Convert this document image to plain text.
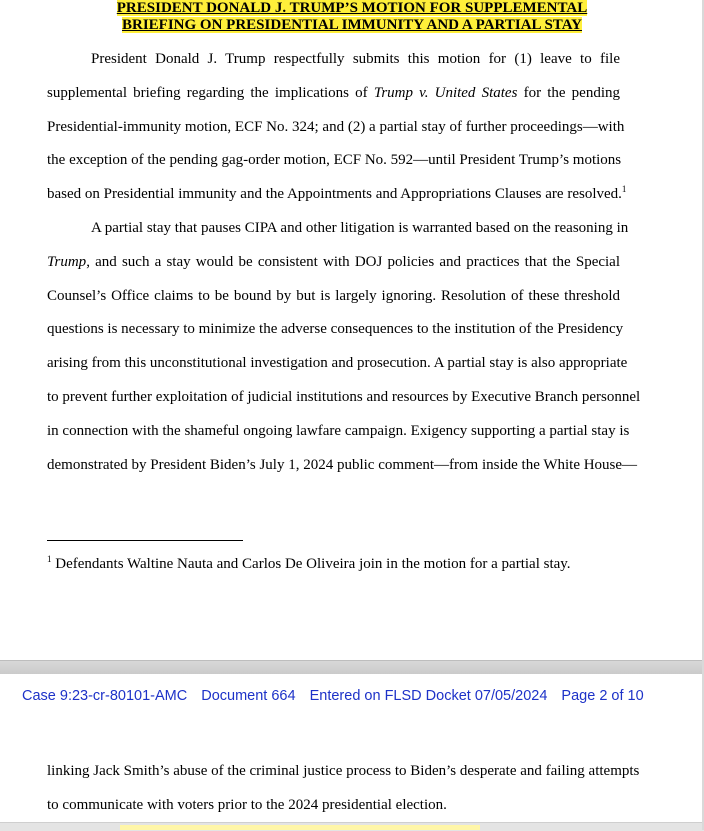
PRESIDENT DONALD J. TRUMP’S MOTION FOR SUPPLEMENTAL
BRIEFING ON PRESIDENTIAL IMMUNITY AND A PARTIAL STAY
President Donald J. Trump respectfully submits this motion for (1) leave to file
supplemental briefing regarding the implications of Trump v. United States for the pending
Presidential-immunity motion, ECF No. 324; and (2) a partial stay of further proceedings—with
the exception of the pending gag-order motion, ECF No. 592—until President Trump’s motions
based on Presidential immunity and the Appointments and Appropriations Clauses are resolved.$^1$
A partial stay that pauses CIPA and other litigation is warranted based on the reasoning in
Trump, and such a stay would be consistent with DOJ policies and practices that the Special
Counsel’s Office claims to be bound by but is largely ignoring. Resolution of these threshold
questions is necessary to minimize the adverse consequences to the institution of the Presidency
arising from this unconstitutional investigation and prosecution. A partial stay is also appropriate
to prevent further exploitation of judicial institutions and resources by Executive Branch personnel
in connection with the shameful ongoing lawfare campaign. Exigency supporting a partial stay is
demonstrated by President Biden’s July 1, 2024 public comment—from inside the White House—
$^1$ Defendants Waltine Nauta and Carlos De Oliveira join in the motion for a partial stay.
Case 9:23-cr-80101-AMC Document 664 Entered on FLSD Docket 07/05/2024 Page 2 of 10
linking Jack Smith’s abuse of the criminal justice process to Biden’s desperate and failing attempts
to communicate with voters prior to the 2024 presidential election.
